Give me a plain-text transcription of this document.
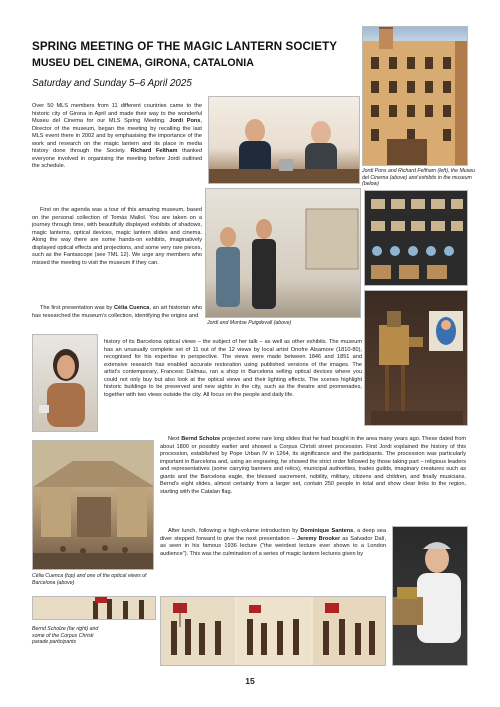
SPRING MEETING OF THE MAGIC LANTERN SOCIETY
MUSEU DEL CINEMA, GIRONA, CATALONIA
Saturday and Sunday 5–6 April 2025
Jordi Pons and Richard Feltham (left), the Museu del Cinema (above) and exhibits in the museum (below)
Jordi and Montse Puigdevall (above)
Over 50 MLS members from 11 different countries came to the historic city of Girona in April and made their way to the wonderful Museu del Cinema for our MLS Spring Meeting. Jordi Pons, Director of the museum, began the meeting by recalling the last MLS event there in 2002 and by emphasising the importance of the work and research on the magic lantern and its place in media history done through the Society. Richard Feltham thanked everyone involved in organising the meeting before Jordi outlined the schedule.
First on the agenda was a tour of this amazing museum, based on the personal collection of Tomàs Mallol. You are taken on a journey through time, with beautifully displayed exhibits of shadows, magic lanterns, optical devices, magic lantern slides and cinema. Along the way there are some hands-on exhibits, imaginatively displayed optical effects and projections, and some very rare pieces, such as the Fantascope (see TML 12). We urge any members who missed the meeting to visit the museum if they can.
The first presentation was by Cèlia Cuenca, an art historian who has researched the museum's collection, identifying the origins and
history of its Barcelona optical views – the subject of her talk – as well as other exhibits. The museum has an unusually complete set of 11 out of the 12 views by local artist Onofre Alsamore (1810-80), recognised for his expertise in perspective. The views were made between 1846 and 1851 and extensive research has enabled accurate restoration using published versions of the images. The artist's contemporary, Francesc Dalmau, ran a shop in Barcelona selling optical devices where you could not only buy but also look at the optical views and their lighting effects. The scenes highlight historic buildings to be preserved and new sights in the city, such as the theatre and promenades, together with two views outside the city. All focus on the people and daily life.
Cèlia Cuenca (top) and one of the optical views of Barcelona (above)
Next Bernd Scholze projected some rare long slides that he had bought in the area many years ago. These dated from about 1800 or possibly earlier and showed a Corpus Christi street procession. First Jordi explained the history of this procession, established by Pope Urban IV in 1264, its significance and the participants. The procession was particularly important in Barcelona and, using an engraving, he showed the strict order followed by those taking part – religious leaders and representatives (some carrying banners and relics), municipal authorities, trades guilds, imaginary creatures such as giants and the Barcelona eagle, the blessed sacrement, nobility, military, citizens and children, and finally musicians. Bernd's eight slides, almost certainly from a larger set, contain 250 people in total and show clear links to the region, starting with the Catalan flag.
After lunch, following a high-volume introduction by Dominique Santens, a deep sea diver stepped forward to give the next presentation – Jeremy Brooker as Salvador Dalí, as seen in his famous 1936 lecture ("the weirdest lecture ever shown to a London audience"). This was the culmination of a series of magic lantern lectures given by
Bernd Scholze (far right) and some of the Corpus Christi parade participants
15
